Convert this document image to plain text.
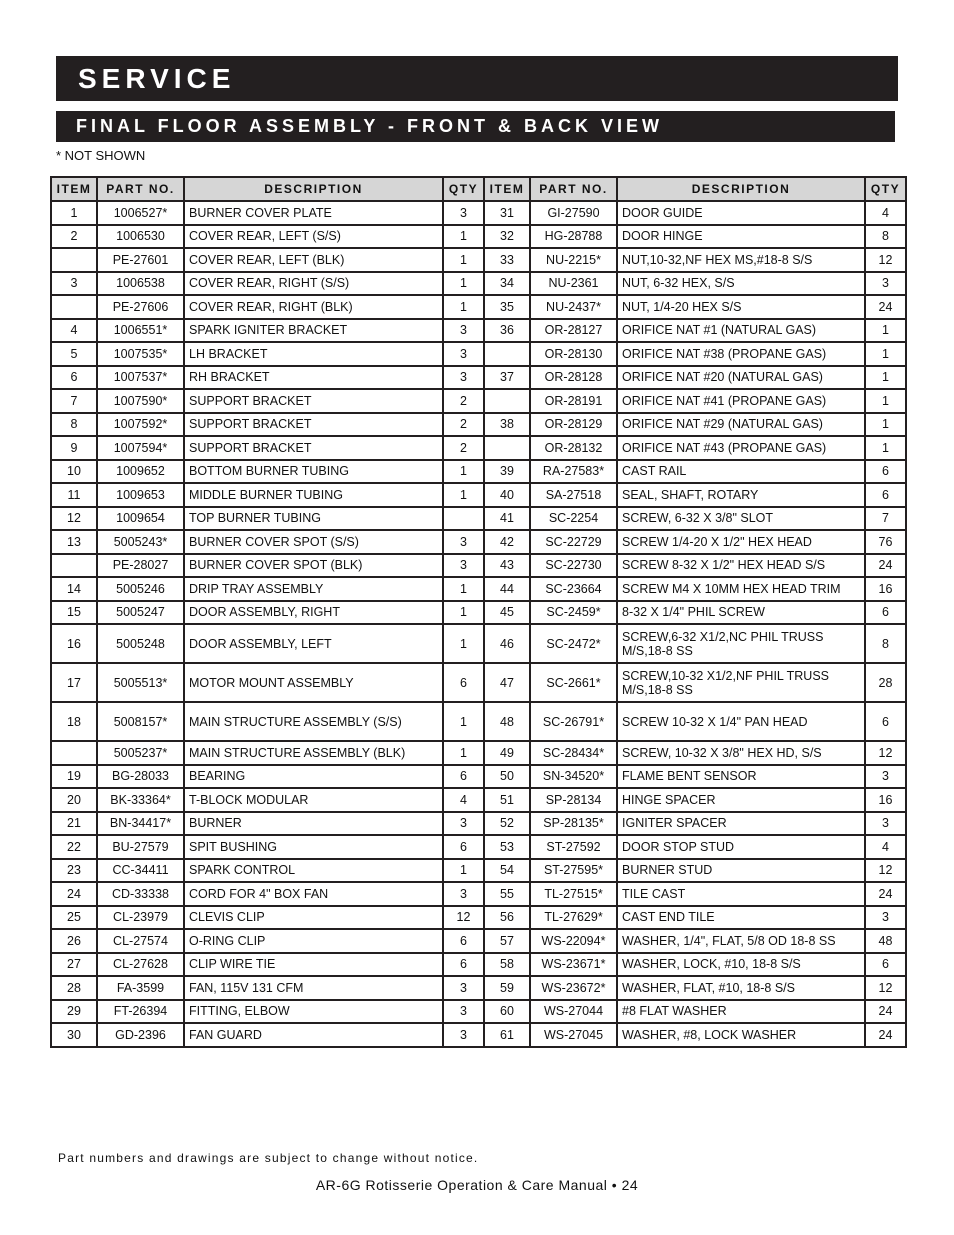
SERVICE
FINAL FLOOR ASSEMBLY - FRONT & BACK VIEW
* NOT SHOWN
ITEM	PART NO.	DESCRIPTION	QTY	ITEM	PART NO.	DESCRIPTION	QTY
1	1006527*	BURNER COVER PLATE	3	31	GI-27590	DOOR GUIDE	4
2	1006530	COVER REAR, LEFT (S/S)	1	32	HG-28788	DOOR HINGE	8
	PE-27601	COVER REAR, LEFT (BLK)	1	33	NU-2215*	NUT,10-32,NF HEX MS,#18-8 S/S	12
3	1006538	COVER REAR, RIGHT (S/S)	1	34	NU-2361	NUT, 6-32 HEX, S/S	3
	PE-27606	COVER REAR, RIGHT (BLK)	1	35	NU-2437*	NUT, 1/4-20 HEX S/S	24
4	1006551*	SPARK IGNITER BRACKET	3	36	OR-28127	ORIFICE NAT #1 (NATURAL GAS)	1
5	1007535*	LH BRACKET	3		OR-28130	ORIFICE NAT #38 (PROPANE GAS)	1
6	1007537*	RH BRACKET	3	37	OR-28128	ORIFICE NAT #20 (NATURAL GAS)	1
7	1007590*	SUPPORT BRACKET	2		OR-28191	ORIFICE NAT #41 (PROPANE GAS)	1
8	1007592*	SUPPORT BRACKET	2	38	OR-28129	ORIFICE NAT #29 (NATURAL GAS)	1
9	1007594*	SUPPORT BRACKET	2		OR-28132	ORIFICE NAT #43 (PROPANE GAS)	1
10	1009652	BOTTOM BURNER TUBING	1	39	RA-27583*	CAST RAIL	6
11	1009653	MIDDLE BURNER TUBING	1	40	SA-27518	SEAL, SHAFT, ROTARY	6
12	1009654	TOP BURNER TUBING		41	SC-2254	SCREW, 6-32 X 3/8" SLOT	7
13	5005243*	BURNER COVER SPOT (S/S)	3	42	SC-22729	SCREW 1/4-20 X 1/2" HEX HEAD	76
	PE-28027	BURNER COVER SPOT (BLK)	3	43	SC-22730	SCREW 8-32 X 1/2" HEX HEAD S/S	24
14	5005246	DRIP TRAY ASSEMBLY	1	44	SC-23664	SCREW M4 X 10MM HEX HEAD TRIM	16
15	5005247	DOOR ASSEMBLY, RIGHT	1	45	SC-2459*	8-32 X 1/4" PHIL SCREW	6
16	5005248	DOOR ASSEMBLY, LEFT	1	46	SC-2472*	SCREW,6-32 X1/2,NC PHIL TRUSS M/S,18-8 SS	8
17	5005513*	MOTOR MOUNT ASSEMBLY	6	47	SC-2661*	SCREW,10-32 X1/2,NF PHIL TRUSS M/S,18-8 SS	28
18	5008157*	MAIN STRUCTURE ASSEMBLY (S/S)	1	48	SC-26791*	SCREW 10-32 X 1/4" PAN HEAD	6
	5005237*	MAIN STRUCTURE ASSEMBLY (BLK)	1	49	SC-28434*	SCREW, 10-32 X 3/8" HEX HD, S/S	12
19	BG-28033	BEARING	6	50	SN-34520*	FLAME BENT SENSOR	3
20	BK-33364*	T-BLOCK MODULAR	4	51	SP-28134	HINGE SPACER	16
21	BN-34417*	BURNER	3	52	SP-28135*	IGNITER SPACER	3
22	BU-27579	SPIT BUSHING	6	53	ST-27592	DOOR STOP STUD	4
23	CC-34411	SPARK CONTROL	1	54	ST-27595*	BURNER STUD	12
24	CD-33338	CORD FOR 4" BOX FAN	3	55	TL-27515*	TILE CAST	24
25	CL-23979	CLEVIS CLIP	12	56	TL-27629*	CAST END TILE	3
26	CL-27574	O-RING CLIP	6	57	WS-22094*	WASHER, 1/4", FLAT, 5/8 OD 18-8 SS	48
27	CL-27628	CLIP WIRE TIE	6	58	WS-23671*	WASHER, LOCK, #10, 18-8 S/S	6
28	FA-3599	FAN, 115V 131 CFM	3	59	WS-23672*	WASHER, FLAT, #10, 18-8 S/S	12
29	FT-26394	FITTING, ELBOW	3	60	WS-27044	#8 FLAT WASHER	24
30	GD-2396	FAN GUARD	3	61	WS-27045	WASHER, #8, LOCK WASHER	24
Part numbers and drawings are subject to change without notice.
AR-6G Rotisserie Operation & Care Manual • 24
